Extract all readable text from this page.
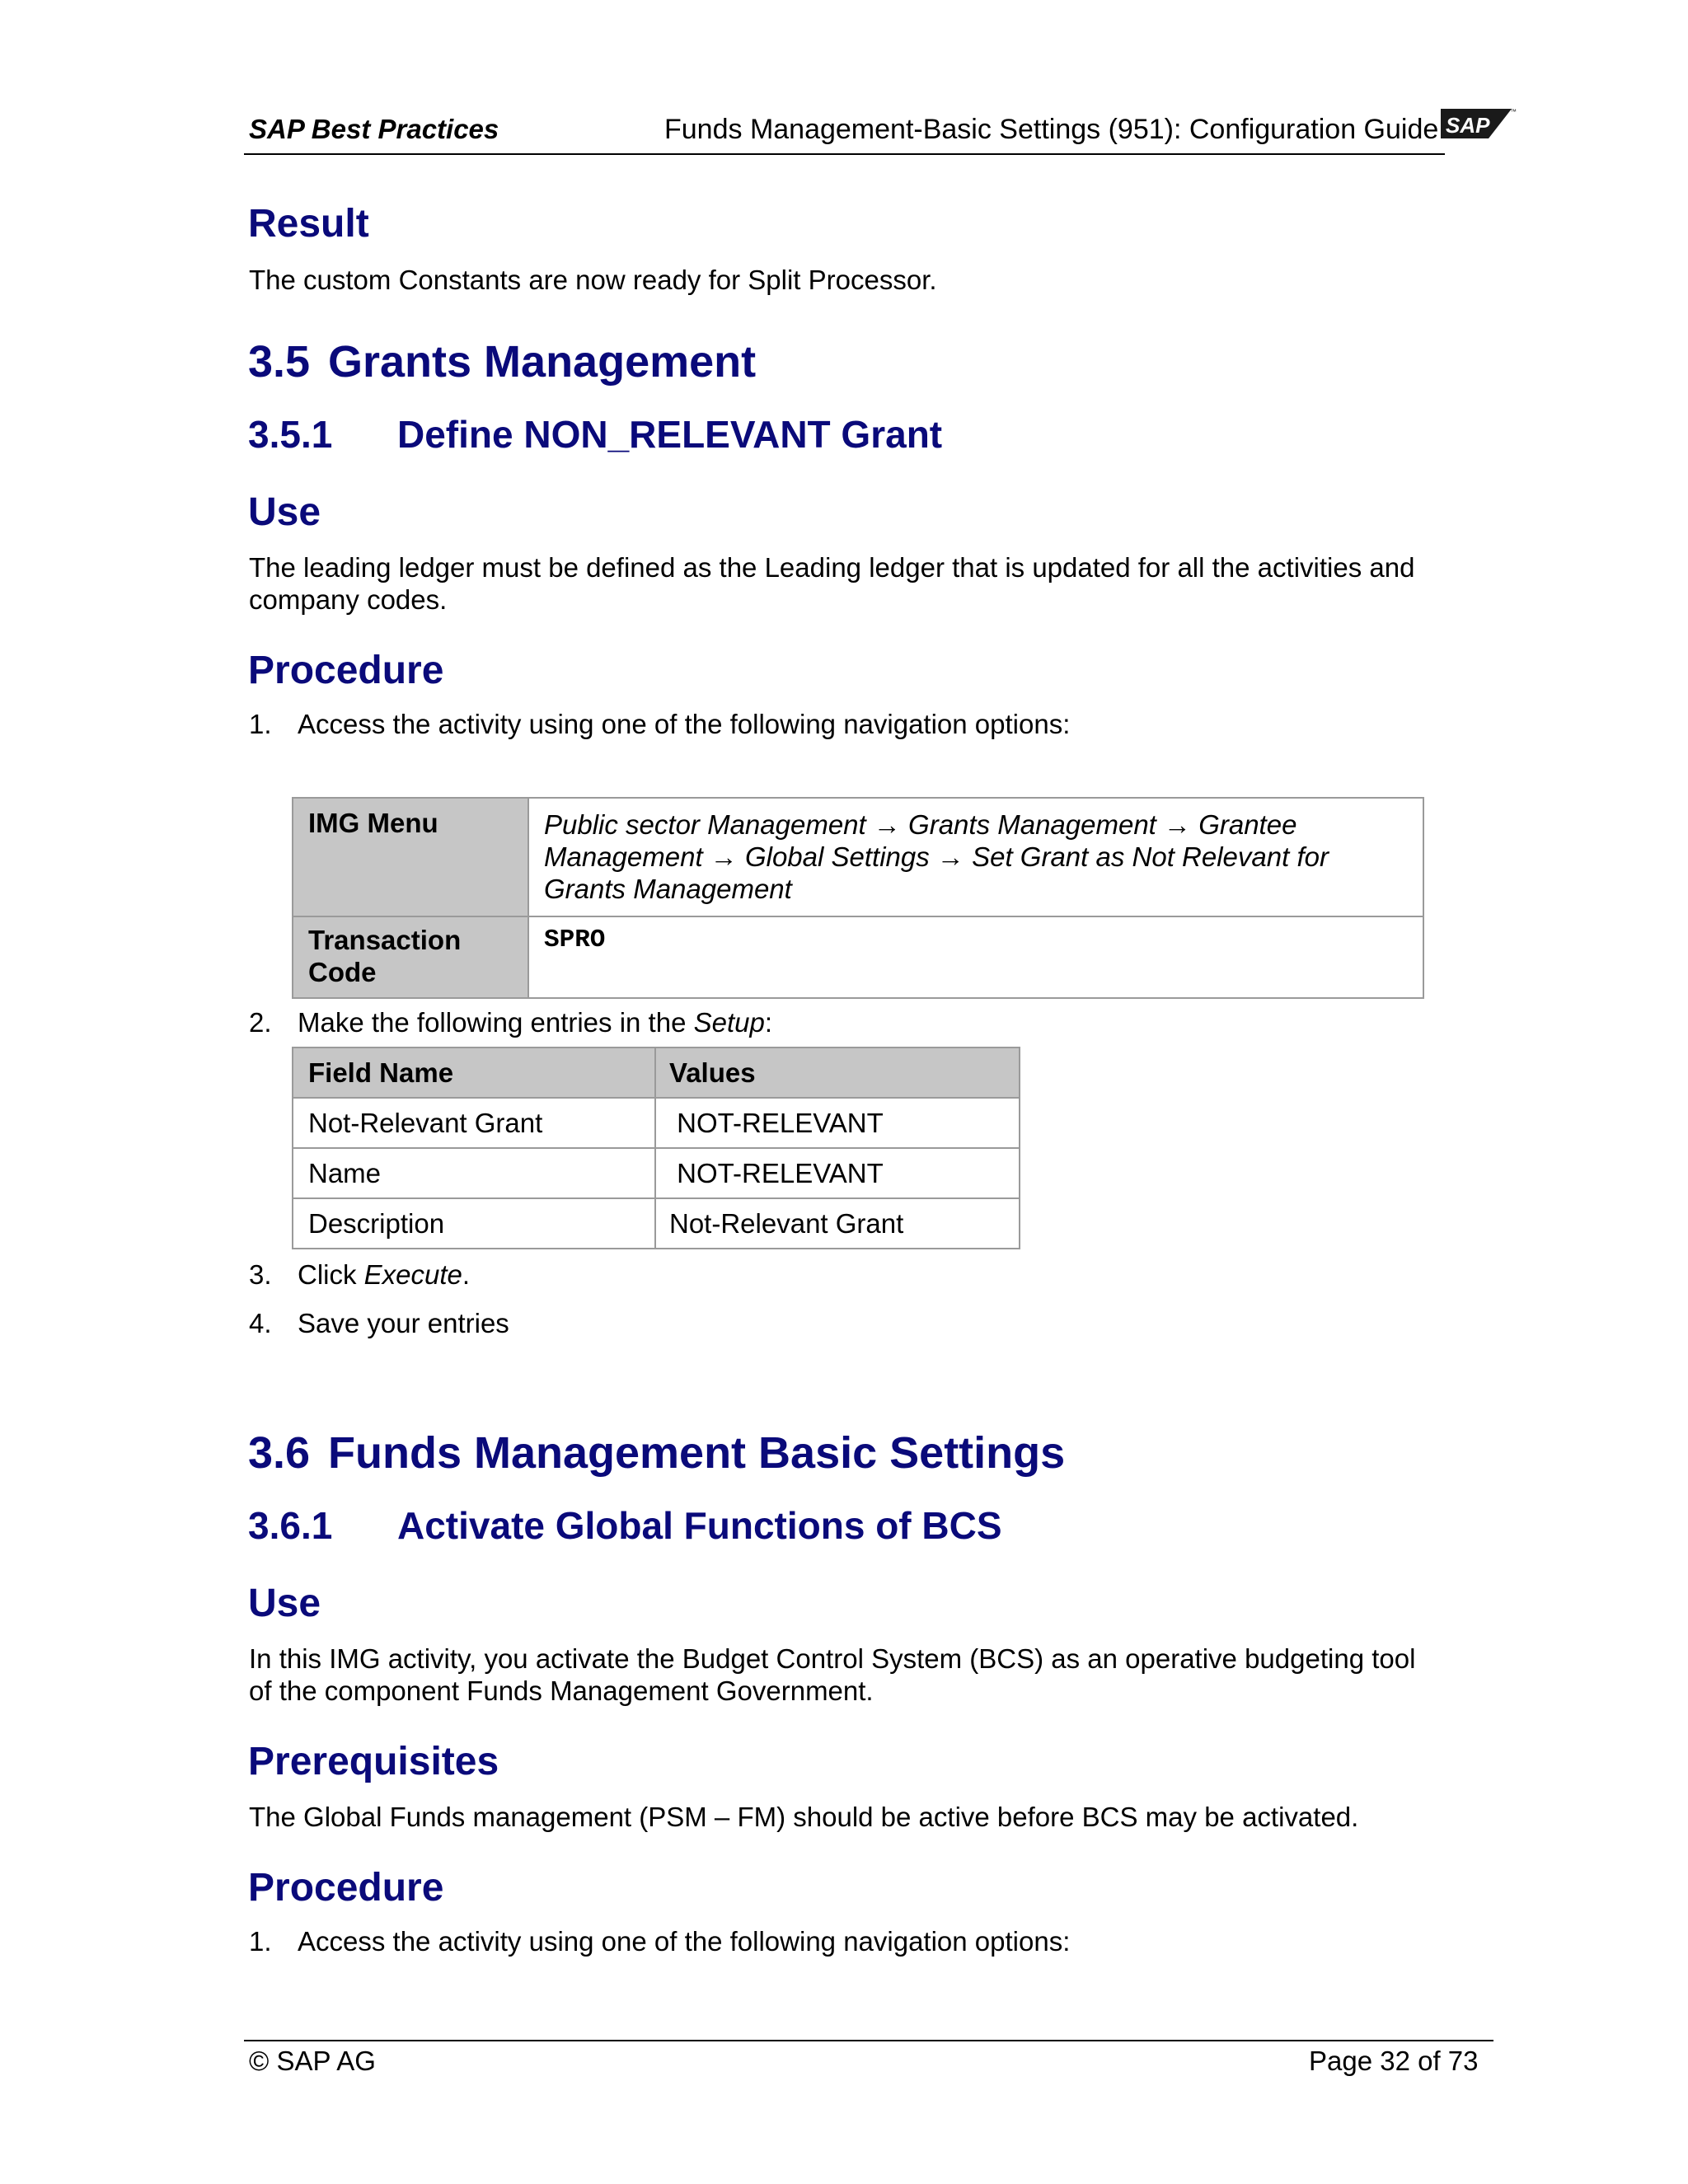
SAP Best Practices	Funds Management-Basic Settings (951): Configuration Guide SAP
™
Result
The custom Constants are now ready for Split Processor.
3.5 Grants Management
3.5.1 Define NON_RELEVANT Grant
Use
The leading ledger must be defined as the Leading ledger that is updated for all the activities and
company codes.
Procedure
1. Access the activity using one of the following navigation options:
IMG Menu	Public sector Management → Grants Management → Grantee
Management → Global Settings → Set Grant as Not Relevant for
Grants Management

Transaction
Code	SPRO
2. Make the following entries in the Setup:
Field Name	Values
Not-Relevant Grant	NOT-RELEVANT
Name	NOT-RELEVANT
Description	Not-Relevant Grant
3. Click Execute.
4. Save your entries
3.6 Funds Management Basic Settings
3.6.1 Activate Global Functions of BCS
Use
In this IMG activity, you activate the Budget Control System (BCS) as an operative budgeting tool
of the component Funds Management Government.
Prerequisites
The Global Funds management (PSM – FM) should be active before BCS may be activated.
Procedure
1. Access the activity using one of the following navigation options:
© SAP AG	Page 32 of 73
